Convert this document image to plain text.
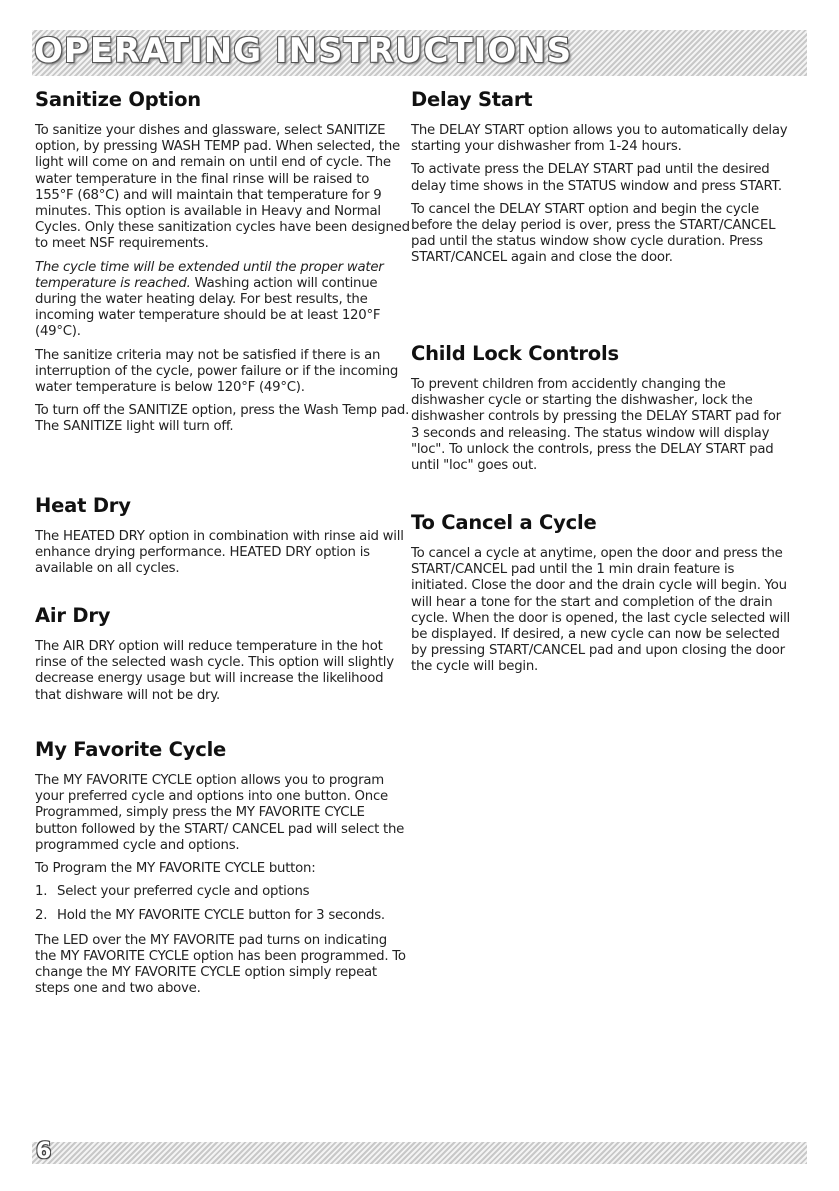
OPERATING INSTRUCTIONS
Sanitize Option

To sanitize your dishes and glassware, select SANITIZE option, by pressing WASH TEMP pad. When selected, the light will come on and remain on until end of cycle. The water temperature in the final rinse will be raised to 155°F (68°C) and will maintain that temperature for 9 minutes. This option is available in Heavy and Normal Cycles. Only these sanitization cycles have been designed to meet NSF requirements.

The cycle time will be extended until the proper water temperature is reached. Washing action will continue during the water heating delay. For best results, the incoming water temperature should be at least 120°F (49°C).

The sanitize criteria may not be satisfied if there is an interruption of the cycle, power failure or if the incoming water temperature is below 120°F (49°C).

To turn off the SANITIZE option, press the Wash Temp pad. The SANITIZE light will turn off.

Delay Start

The DELAY START option allows you to automatically delay starting your dishwasher from 1-24 hours.

To activate press the DELAY START pad until the desired delay time shows in the STATUS window and press START.

To cancel the DELAY START option and begin the cycle before the delay period is over, press the START/CANCEL pad until the status window show cycle duration. Press START/CANCEL again and close the door.

Child Lock Controls

To prevent children from accidently changing the dishwasher cycle or starting the dishwasher, lock the dishwasher controls by pressing the DELAY START pad for 3 seconds and releasing. The status window will display "loc". To unlock the controls, press the DELAY START pad until "loc" goes out.

Heat Dry

The HEATED DRY option in combination with rinse aid will enhance drying performance. HEATED DRY option is available on all cycles.

To Cancel a Cycle

To cancel a cycle at anytime, open the door and press the START/CANCEL pad until the 1 min drain feature is initiated. Close the door and the drain cycle will begin. You will hear a tone for the start and completion of the drain cycle. When the door is opened, the last cycle selected will be displayed. If desired, a new cycle can now be selected by pressing START/CANCEL pad and upon closing the door the cycle will begin.

Air Dry

The AIR DRY option will reduce temperature in the hot rinse of the selected wash cycle. This option will slightly decrease energy usage but will increase the likelihood that dishware will not be dry.

My Favorite Cycle

The MY FAVORITE CYCLE option allows you to program your preferred cycle and options into one button. Once Programmed, simply press the MY FAVORITE CYCLE button followed by the START/ CANCEL pad will select the programmed cycle and options.

To Program the MY FAVORITE CYCLE button:

1. Select your preferred cycle and options
2. Hold the MY FAVORITE CYCLE button for 3 seconds.

The LED over the MY FAVORITE pad turns on indicating the MY FAVORITE CYCLE option has been programmed. To change the MY FAVORITE CYCLE option simply repeat steps one and two above.

6
